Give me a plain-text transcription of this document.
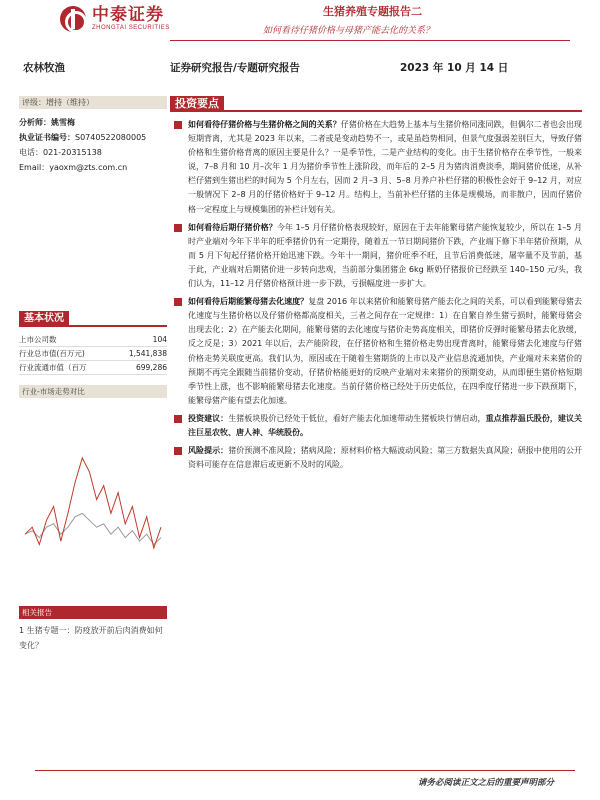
中泰证券
ZHONGTAI SECURITIES
生猪养殖专题报告二
如何看待仔猪价格与母猪产能去化的关系？
农林牧渔	证券研究报告/专题研究报告	2023 年 10 月 14 日
评级：增持（维持）
分析师：姚雪梅
执业证书编号：S0740522080005
电话：021-20315138
Email：yaoxm@zts.com.cn
基本状况
上市公司数	104
行业总市值(百万元)	1,541,838
行业流通市值（百万	699,286
行业-市场走势对比
相关报告
1 生猪专题一：防疫放开前后肉消费如何变化？
投资要点
如何看待仔猪价格与生猪价格之间的关系？仔猪价格在大趋势上基本与生猪价格同涨同跌，但偶尔二者也会出现短期背离，尤其是 2023 年以来，二者或是变动趋势不一，或是虽趋势相同，但景气度强弱差别巨大，导致仔猪价格和生猪价格背离的原因主要是什么？一是季节性，二是产业结构的变化。由于生猪价格存在季节性，一般来说，7–8 月和 10 月–次年 1 月为猪价季节性上涨阶段，而年后的 2–5 月为猪肉消费淡季，期间猪价低迷，从补栏仔猪到生猪出栏的时间为 5 个月左右，因而 2 月–3 月、5–8 月养户补栏仔猪的积极性会好于 9–12 月，对应一般情况下 2–8 月的仔猪价格好于 9–12 月。结构上，当前补栏仔猪的主体是规模场，而非散户，因而仔猪价格一定程度上与规模集团的补栏计划有关。
如何看待后期仔猪价格？今年 1–5 月仔猪价格表现较好，原因在于去年能繁母猪产能恢复较少，所以在 1–5 月时产业端对今年下半年的旺季猪价仍有一定期待，随着五一节日期间猪价下跌，产业端下修下半年猪价预期，从而 5 月下旬起仔猪价格开始迅速下跌。今年十一期间，猪价旺季不旺，且节后消费低迷，屠宰量不及节前，基于此，产业端对后期猪价进一步转向悲观，当前部分集团猪企 6kg 断奶仔猪报价已经跌至 140–150 元/头，我们认为，11–12 月仔猪价格预计进一步下跌，亏损幅度进一步扩大。
如何看待后期能繁母猪去化速度？复盘 2016 年以来猪价和能繁母猪产能去化之间的关系，可以看到能繁母猪去化速度与生猪价格以及仔猪价格都高度相关，三者之间存在一定规律：1）在自繁自养生猪亏损时，能繁母猪会出现去化；2）在产能去化期间，能繁母猪的去化速度与猪价走势高度相关，即猪价反弹时能繁母猪去化放缓，反之反是；3）2021 年以后，去产能阶段，在仔猪价格和生猪价格走势出现背离时，能繁母猪去化速度与仔猪价格走势关联度更高。我们认为，原因或在于随着生猪期货的上市以及产业信息流通加快，产业端对未来猪价的预期不再完全跟随当前猪价变动，仔猪价格能更好的反映产业端对未来猪价的预期变动，从而即便生猪价格短期季节性上涨，也不影响能繁母猪去化速度。当前仔猪价格已经处于历史低位，在四季度仔猪进一步下跌预期下，能繁母猪产能有望去化加速。
投资建议：生猪板块股价已经处于低位，看好产能去化加速带动生猪板块行情启动，重点推荐温氏股份，建议关注巨星农牧、唐人神、华统股份。
风险提示：猪价预测不准风险；猪病风险；原材料价格大幅波动风险；第三方数据失真风险；研报中使用的公开资料可能存在信息滞后或更新不及时的风险。
请务必阅读正文之后的重要声明部分
